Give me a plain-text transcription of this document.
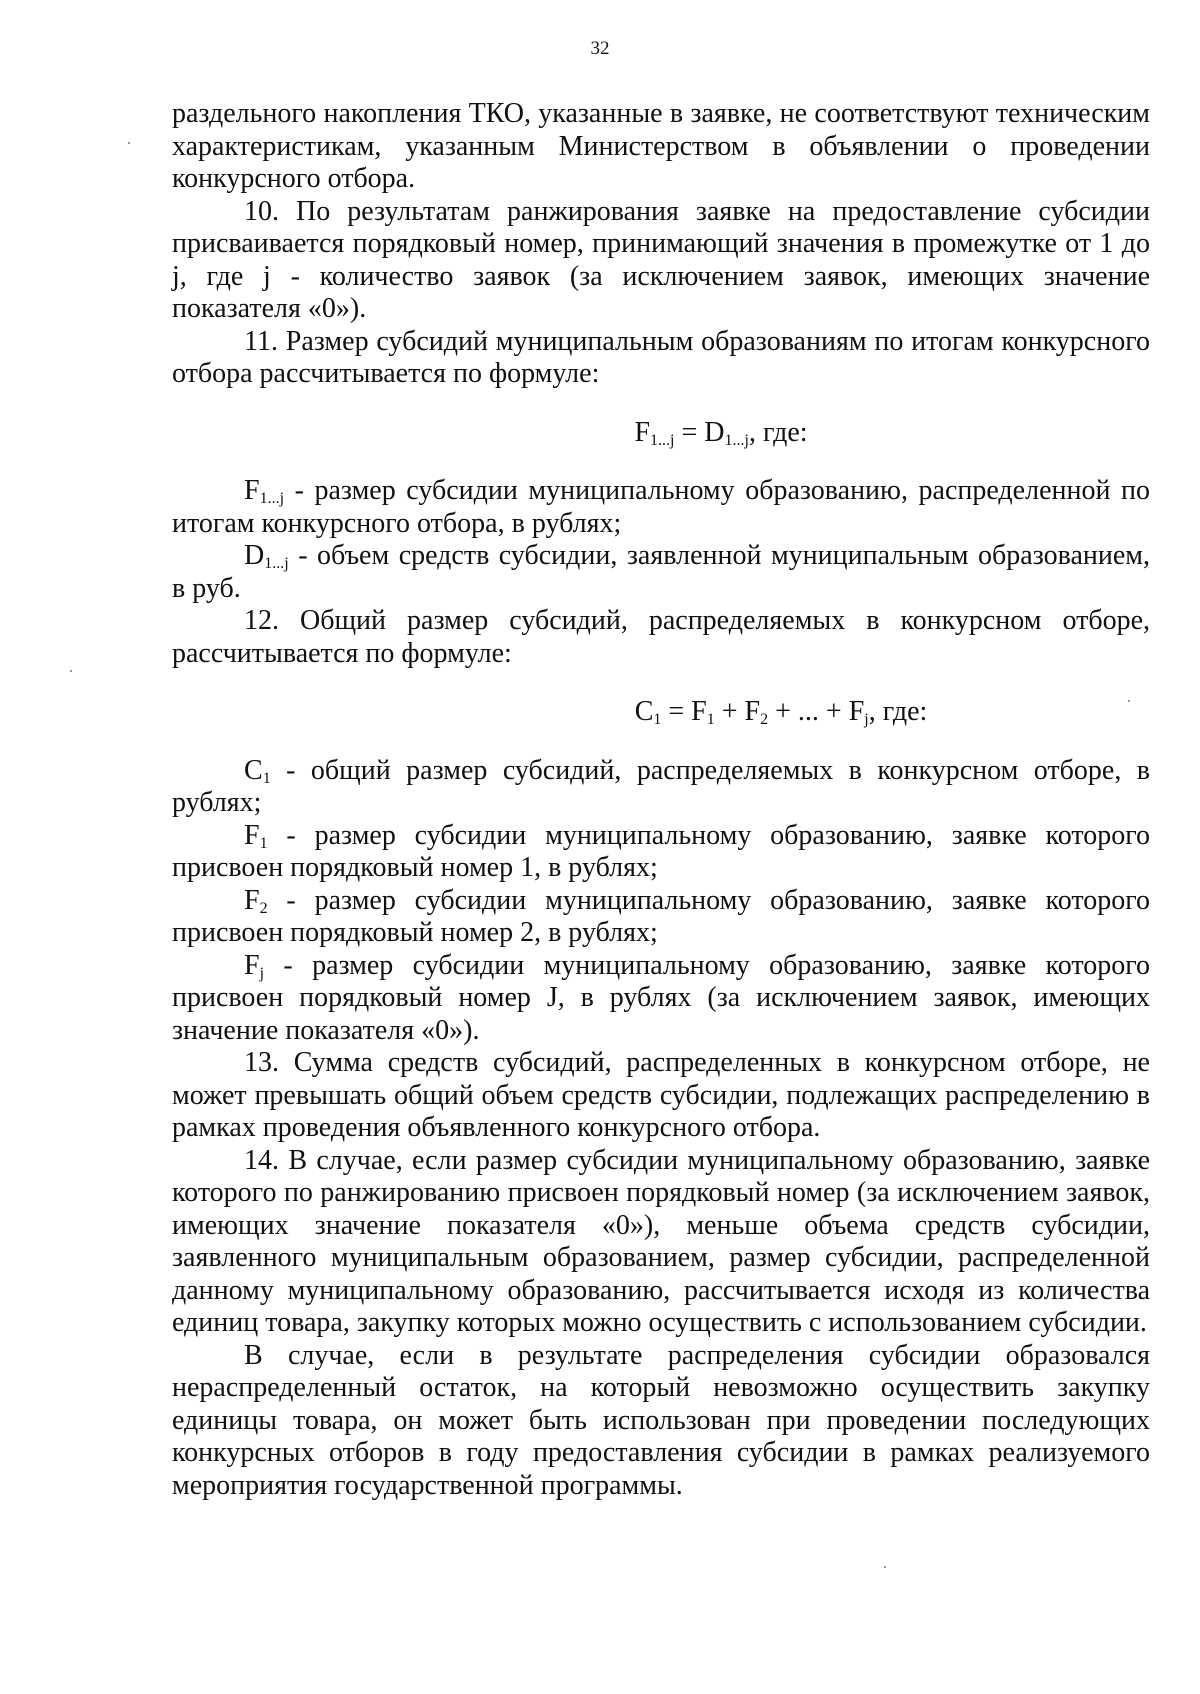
32

раздельного накопления ТКО, указанные в заявке, не соответствуют техническим характеристикам, указанным Министерством в объявлении о проведении конкурсного отбора.

10. По результатам ранжирования заявке на предоставление субсидии присваивается порядковый номер, принимающий значения в промежутке от 1 до j, где j - количество заявок (за исключением заявок, имеющих значение показателя «0»).

11. Размер субсидий муниципальным образованиям по итогам конкурсного отбора рассчитывается по формуле:

$F_{1...j} = D_{1...j}$, где:

$F_{1...j}$ - размер субсидии муниципальному образованию, распределенной по итогам конкурсного отбора, в рублях;

$D_{1...j}$ - объем средств субсидии, заявленной муниципальным образованием, в руб.

12. Общий размер субсидий, распределяемых в конкурсном отборе, рассчитывается по формуле:

$C_1 = F_1 + F_2$ + ... + $F_j$, где:

$C_1$ - общий размер субсидий, распределяемых в конкурсном отборе, в рублях;

$F_1$ - размер субсидии муниципальному образованию, заявке которого присвоен порядковый номер 1, в рублях;

$F_2$ - размер субсидии муниципальному образованию, заявке которого присвоен порядковый номер 2, в рублях;

$F_j$ - размер субсидии муниципальному образованию, заявке которого присвоен порядковый номер J, в рублях (за исключением заявок, имеющих значение показателя «0»).

13. Сумма средств субсидий, распределенных в конкурсном отборе, не может превышать общий объем средств субсидии, подлежащих распределению в рамках проведения объявленного конкурсного отбора.

14. В случае, если размер субсидии муниципальному образованию, заявке которого по ранжированию присвоен порядковый номер (за исключением заявок, имеющих значение показателя «0»), меньше объема средств субсидии, заявленного муниципальным образованием, размер субсидии, распределенной данному муниципальному образованию, рассчитывается исходя из количества единиц товара, закупку которых можно осуществить с использованием субсидии.

В случае, если в результате распределения субсидии образовался нераспределенный остаток, на который невозможно осуществить закупку единицы товара, он может быть использован при проведении последующих конкурсных отборов в году предоставления субсидии в рамках реализуемого мероприятия государственной программы.
